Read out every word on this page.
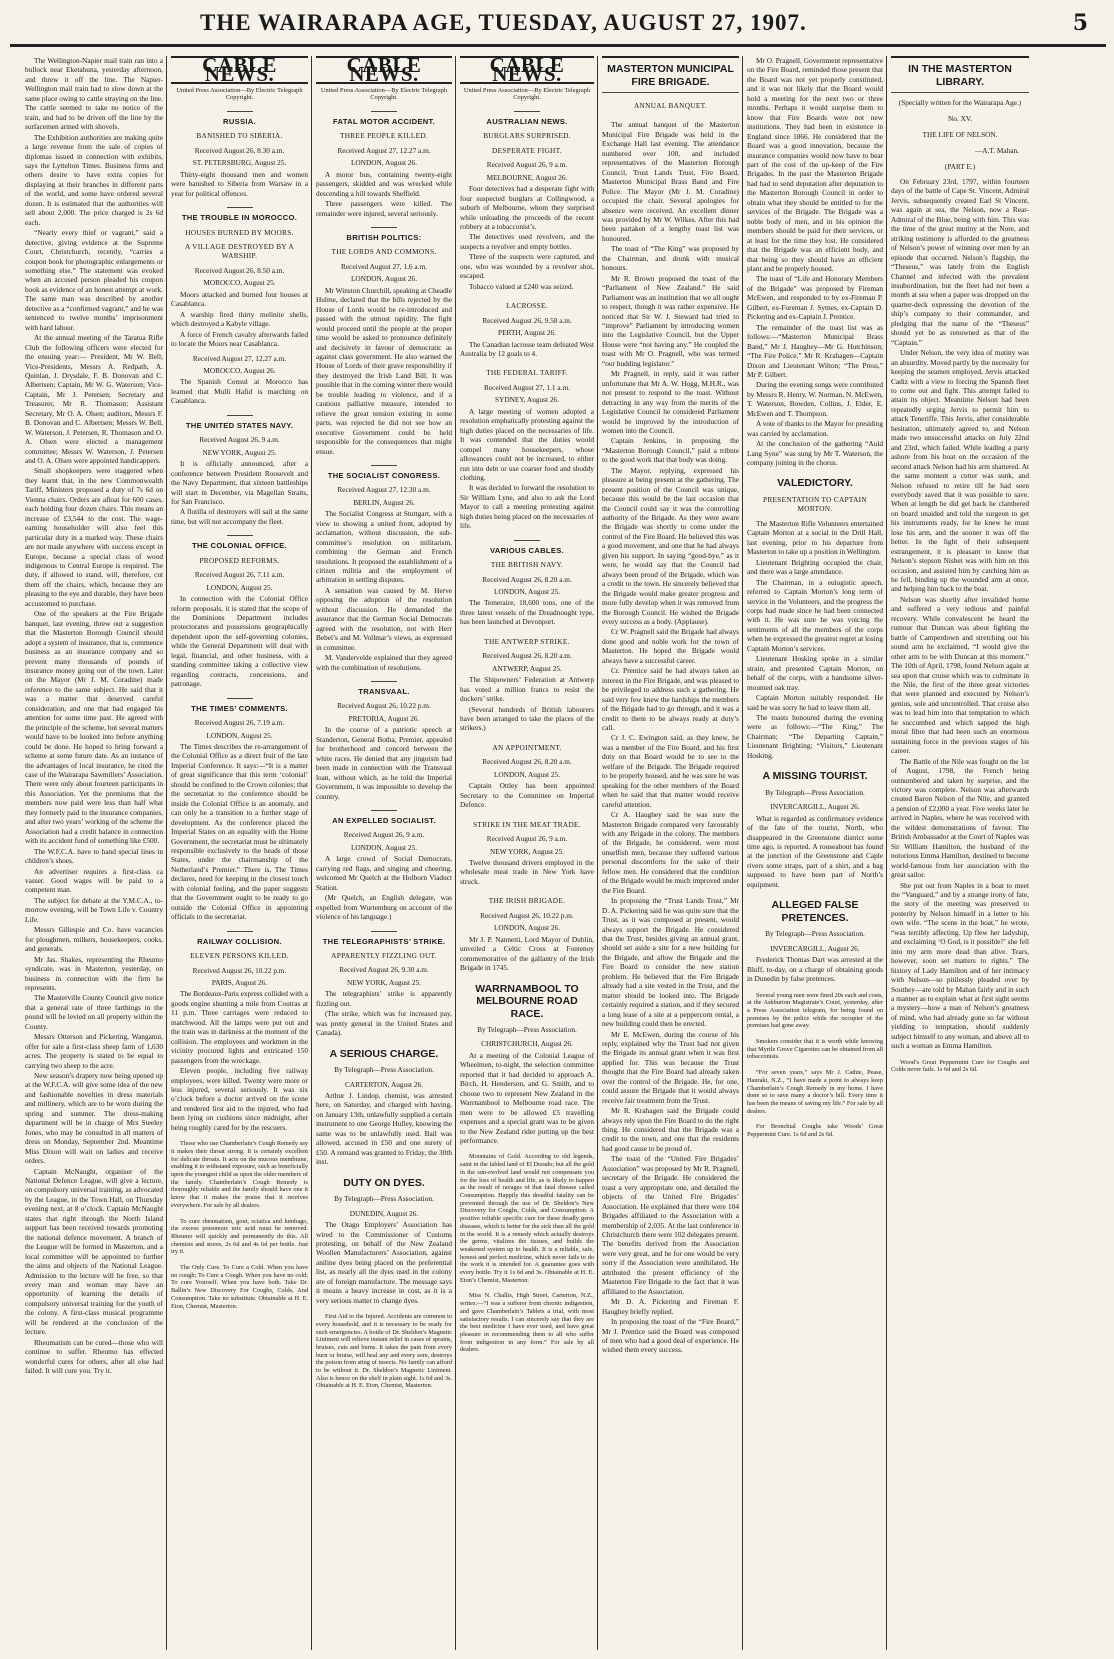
THE WAIRARAPA AGE, TUESDAY, AUGUST 27, 1907.	5

The Wellington-Napier mail train ran into a bullock near Eketahuna, yesterday afternoon, and threw it off the line. The Napier-Wellington mail train had to slow down at the same place owing to cattle straying on the line. The cattle seemed to take no notice of the train, and had to be driven off the line by the surfacemen armed with shovels.

The Exhibition authorities are making quite a large revenue from the sale of copies of diplomas issued in connection with exhibits, says the Lyttelton Times. Business firms and others desire to have extra copies for displaying at their branches in different parts of the world, and some have ordered several dozen. It is estimated that the authorities will sell about 2,000. The price charged is 2s 6d each.

“Nearly every thief or vagrant,” said a detective, giving evidence at the Supreme Court, Christchurch, recently, “carries a coupon book for photographic enlargements or something else.” The statement was evoked when an accused person pleaded his coupon book as evidence of an honest attempt at work. The same man was described by another detective as a “confirmed vagrant,” and he was sentenced to twelve months’ imprisonment with hard labour.

At the annual meeting of the Taratua Rifle Club the following officers were elected for the ensuing year:— President, Mr W. Bell; Vice-Presidents, Messrs A. Redpath, A. Quinlan, J. Drysdale, F. B. Donovan and C. Albertsen; Captain, Mr W. G. Waterson; Vice-Captain, Mr J. Petersen; Secretary and Treasurer, Mr R. Thomason; Assistant Secretary, Mr O. A. Olsen; auditors, Messrs F. B. Donovan and C. Albertsen; Messrs W. Bell, W. Waterson, J. Petersen, R. Thomason and O. A. Olsen were elected a management committee; Messrs W. Waterson, J. Petersen and O. A. Olsen were appointed handicappers.

Small shopkeepers were staggered when they learnt that, in the new Commonwealth Tariff, Ministers proposed a duty of 7s 6d on Vienna chairs. Orders are afloat for 600 cases, each holding four dozen chairs. This means an increase of £3,544 to the cost. The wage-earning householder will also feel this particular duty in a marked way. These chairs are not made anywhere with success except in Europe, because a special class of wood indigenous to Central Europe is required. The duty, if allowed to stand, will, therefore, cut them off the chairs, which, because they are pleasing to the eye and durable, they have been accustomed to purchase.

One of the speakers at the Fire Brigade banquet, last evening, threw out a suggestion that the Masterton Borough Council should adopt a system of insurance, that is, commence business as an insurance company and so prevent many thousands of pounds of insurance money going out of the town. Later on the Mayor (Mr J. M. Coradine) made reference to the same subject. He said that it was a matter that deserved careful consideration, and one that had engaged his attention for some time past. He agreed with the principle of the scheme, but several matters would have to be looked into before anything could be done. He hoped to bring forward a scheme at some future date. As an instance of the advantages of local insurance, he cited the case of the Wairarapa Sawmillers’ Association. There were only about fourteen participants in this Association. Yet the premiums that the members now paid were less than half what they formerly paid to the insurance companies, and after two years’ working of the scheme the Association had a credit balance in connection with its accident fund of something like £500.

The W.F.C.A. have to hand special lines in children’s shoes.

An advertiser requires a first-class ca vasser. Good wages will be paid to a competent man.

The subject for debate at the Y.M.C.A., to-morrow evening, will be Town Life v. Country Life.

Messrs Gillespie and Co. have vacancies for ploughmen, milkers, housekeepers, cooks, and generals.

Mr Jas. Shakes, representing the Rheumo syndicate, was in Masterton, yesterday, on business in connection with the firm he represents.

The Masterville County Council give notice that a general rate of three farthings in the pound will be levied on all property within the County.

Messrs Otterson and Pickering, Wanganui, offer for sale a first-class sheep farm of 1,630 acres. The property is stated to be equal to carrying two sheep to the acre.

New season’s drapery now being opened up at the W.F.C.A. will give some idea of the new and fashionable novelties in dress materials and millinery, which are to be worn during the spring and summer. The dress-making department will be in charge of Mrs Steeley Jones, who may be consulted in all matters of dress on Monday, September 2nd. Meantime Miss Dixon will wait on ladies and receive orders.

Captain McNaught, organiser of the National Defence League, will give a lecture, on compulsory universal training, as advocated by the League, in the Town Hall, on Thursday evening next, at 8 o’clock. Captain McNaught states that right through the North Island support has been received towards promoting the national defence movement. A branch of the League will be formed in Masterton, and a local committee will be appointed to further the aims and objects of the National League. Admission to the lecture will be free, so that every man and woman may have an opportunity of learning the details of compulsory universal training for the youth of the colony. A first-class musical programme will be rendered at the conclusion of the lecture.

Rheumatism can be cured—those who will continue to suffer. Rheumo has effected wonderful cures for others, after all else had failed. It will cure you. Try it.

CABLE NEWS.
United Press Association—By Electric Telegraph Copyright.
RUSSIA.
BANISHED TO SIBERIA.
Received August 26, 8.30 a.m.
ST. PETERSBURG, August 25.

Thirty-eight thousand men and women were banished to Siberia from Warsaw in a year for political offences.

THE TROUBLE IN MOROCCO.
HOUSES BURNED BY MOORS.
A VILLAGE DESTROYED BY A WARSHIP.
Received August 26, 8.50 a.m.
MOROCCO, August 25.

Moors attacked and burned four houses at Casablanca.

A warship fired thirty melinite shells, which destroyed a Kabyle village.

A force of French cavalry afterwards failed to locate the Moors near Casablanca.

Received August 27, 12.27 a.m.
MOROCCO, August 26.

The Spanish Consul at Morocco has learned that Mulli Hafid is marching on Casablanca.

THE UNITED STATES NAVY.
Received August 26, 9 a.m.
NEW YORK, August 25.

It is officially announced, after a conference between President Roosevelt and the Navy Department, that sixteen battleships will start in December, via Magellan Straits, for San Francisco.

A flotilla of destroyers will sail at the same time, but will not accompany the fleet.

THE COLONIAL OFFICE.
PROPOSED REFORMS.
Received August 26, 7.11 a.m.
LONDON, August 25.

In connection with the Colonial Office reform proposals, it is stated that the scope of the Dominions Department includes protectorates and possessions geographically dependent upon the self-governing colonies, while the General Department will deal with legal, financial, and other business, with a standing committee taking a collective view regarding contracts, concessions, and patronage.

THE TIMES’ COMMENTS.
Received August 26, 7.19 a.m.
LONDON, August 25.

The Times describes the re-arrangement of the Colonial Office as a direct fruit of the late Imperial Conference. It says:—“It is a matter of great significance that this term ‘colonial’ should be confined to the Crown colonies; that the secretariat to the conference should be inside the Colonial Office is an anomaly, and can only be a transition to a further stage of development. As the conference placed the Imperial States on an equality with the Home Government, the secretariat must be ultimately responsible exclusively to the heads of those States, under the chairmanship of the Netherland’s Premier.” There is, The Times declares, need for keeping in the closest touch with colonial feeling, and the paper suggests that the Government ought to be ready to go outside the Colonial Office in appointing officials to the secretariat.

RAILWAY COLLISION.
ELEVEN PERSONS KILLED.
Received August 26, 10.22 p.m.
PARIS, August 26.

The Bordeaux-Paris express collided with a goods engine shunting a mile from Coutras at 11 p.m. Three carriages were reduced to matchwood. All the lamps were put out and the train was in darkness at the moment of the collision. The employees and workmen in the vicinity procured lights and extricated 150 passengers from the wreckage.

Eleven people, including five railway employees, were killed. Twenty were more or less injured, several seriously. It was six o’clock before a doctor arrived on the scene and rendered first aid to the injured, who had been lying on cushions since midnight, after being roughly cared for by the rescuers.

Those who use Chamberlain’s Cough Remedy say it makes their throat strong. It is certainly excellent for delicate throats. It acts on the mucous membrane, enabling it to withstand exposure, such as beneficially upon the youngest child as upon the older members of the family. Chamberlain’s Cough Remedy is thoroughly reliable and the family should have one it know that it makes the praise that it receives everywhere. For sale by all dealers.

To cure rheumatism, gout, sciatica and lumbago, the excess poisonous uric acid must be removed. Rheumo will quickly and permanently do this. All chemists and stores, 2s 6d and 4s 6d per bottle. Just try it.

The Only Cure. To Cure a Cold. When you have no cough; To Cure a Cough. When you have no cold; To cure Yourself. When you have both. Take Dr. Ballin’s New Discovery For Coughs, Colds, And Consumption. Take no substitute. Obtainable at H. E. Eton, Chemist, Masterton.

CABLE NEWS.
United Press Association—By Electric Telegraph Copyright.
FATAL MOTOR ACCIDENT.
THREE PEOPLE KILLED.
Received August 27, 12.27 a.m.
LONDON, August 26.

A motor bus, containing twenty-eight passengers, skidded and was wrecked while descending a hill towards Sheffield.

Three passengers were killed. The remainder were injured, several seriously.

BRITISH POLITICS:
THE LORDS AND COMMONS.
Received August 27, 1.6 a.m.
LONDON, August 26.

Mr Winston Churchill, speaking at Cheadle Hulme, declared that the bills rejected by the House of Lords would be re-introduced and passed with the utmost rapidity. The fight would proceed until the people at the proper time would be asked to pronounce definitely and decisively in favour of democratic as against class government. He also warned the House of Lords of their grave responsibility if they destroyed the Irish Land Bill. It was possible that in the coming winter there would be trouble leading to violence, and if a cautious palliative measure, intended to relieve the great tension existing in some parts, was rejected he did not see how an executive Government could be held responsible for the consequences that might ensue.

THE SOCIALIST CONGRESS.
Received August 27, 12.30 a.m.
BERLIN, August 26.

The Socialist Congress at Stuttgart, with a view to showing a united front, adopted by acclamation, without discussion, the sub-committee’s resolution on militarism, combining the German and French resolutions. It proposed the establishment of a citizen militia and the employment of arbitration in settling disputes.

A sensation was caused by M. Herve opposing the adoption of the resolution without discussion. He demanded the assurance that the German Social Democrats agreed with the resolution, not with Herr Bebel’s and M. Vollmar’s views, as expressed in committee.

M. Vandervelde explained that they agreed with the combination of resolutions.

TRANSVAAL.
Received August 26, 10.22 p.m.
PRETORIA, August 26.

In the course of a patriotic speech at Standerton, General Botha, Premier, appealed for brotherhood and concord between the white races. He denied that any jingoism had been made in connection with the Transvaal loan, without which, as he told the Imperial Government, it was impossible to develop the country.

AN EXPELLED SOCIALIST.
Received August 26, 9 a.m.
LONDON, August 25.

A large crowd of Social Democrats, carrying red flags, and singing and cheering, welcomed Mr Quelch at the Holborn Viaduct Station.

(Mr Quelch, an English delegate, was expelled from Wurtemburg on account of the violence of his language.)

THE TELEGRAPHISTS’ STRIKE.
APPARENTLY FIZZLING OUT.
Received August 26, 9.30 a.m.
NEW YORK, August 25.

The telegraphists’ strike is apparently fizzling out.

(The strike, which was for increased pay, was pretty general in the United States and Canada).

A SERIOUS CHARGE.
By Telegraph—Press Association.
CARTERTON, August 26.

Arthur J. Lindop, chemist, was arrested here, on Saturday, and charged with having, on January 13th, unlawfully supplied a certain instrument to one George Hulley, knowing the same was to be unlawfully used. Bail was allowed, accused in £50 and one surety of £50. A remand was granted to Friday, the 30th inst.

DUTY ON DYES.
By Telegraph—Press Association.
DUNEDIN, August 26.

The Otago Employers’ Association has wired to the Commissioner of Customs protesting, on behalf of the New Zealand Woollen Manufacturers’ Association, against aniline dyes being placed on the preferential list, as nearly all the dyes used in the colony are of foreign manufacture. The message says it means a heavy increase in cost, as it is a very serious matter to change dyes.

First Aid to the Injured. Accidents are common to every household, and it is necessary to be ready for such emergencies. A bottle of Dr. Sheldon’s Magnetic Liniment will relieve instant relief in cases of sprains, bruises, cuts and burns. It takes the pain from every burn or bruise, will heal any and every sore, destroys the poison from sting of insects. No family can afford to be without it. Dr. Sheldon’s Magnetic Liniment. Also is hence on the shelf in plain sight. 1s 6d and 3s. Obtainable at H. E. Eton, Chemist, Masterton.

CABLE NEWS.
United Press Association—By Electric Telegraph Copyright.
AUSTRALIAN NEWS.
BURGLARS SURPRISED.
DESPERATE FIGHT.
Received August 26, 9 a.m.
MELBOURNE, August 26.

Four detectives had a desperate fight with four suspected burglars at Collingwood, a suburb of Melbourne, whom they surprised while unloading the proceeds of the recent robbery at a tobacconist’s.

The detectives used revolvers, and the suspects a revolver and empty bottles.

Three of the suspects were captured, and one, who was wounded by a revolver shot, escaped.

Tobacco valued at £240 was seized.

LACROSSE.
Received August 26, 9.58 a.m.
PERTH, August 26.

The Canadian lacrosse team defeated West Australia by 12 goals to 4.

THE FEDERAL TARIFF.
Received August 27, 1.1 a.m.
SYDNEY, August 26.

A large meeting of women adopted a resolution emphatically protesting against the high duties placed on the necessaries of life. It was contended that the duties would compel many housekeepers, whose allowances could not be increased, to either run into debt or use coarser food and shoddy clothing.

It was decided to forward the resolution to Sir William Lyne, and also to ask the Lord Mayor to call a meeting protesting against high duties being placed on the necessaries of life.

VARIOUS CABLES.
THE BRITISH NAVY.
Received August 26, 8.20 a.m.
LONDON, August 25.

The Temeraire, 18,600 tons, one of the three latest vessels of the Dreadnought type, has been launched at Devonport.

THE ANTWERP STRIKE.
Received August 26, 8.20 a.m.
ANTWERP, August 25.

The Shipowners’ Federation at Antwerp has voted a million francs to resist the dockers’ strike.

(Several hundreds of British labourers have been arranged to take the places of the strikers.)

AN APPOINTMENT.
Received August 26, 8.20 a.m.
LONDON, August 25.

Captain Ottley has been appointed Secretary to the Committee on Imperial Defence.

STRIKE IN THE MEAT TRADE.
Received August 26, 9 a.m.
NEW YORK, August 25.

Twelve thousand drivers employed in the wholesale meat trade in New York have struck.

THE IRISH BRIGADE.
Received August 26, 10.22 p.m.
LONDON, August 26.

Mr J. P. Nannetti, Lord Mayor of Dublin, unveiled a Celtic Cross at Fontenoy commemorative of the gallantry of the Irish Brigade in 1745.

WARRNAMBOOL TO MELBOURNE ROAD RACE.
By Telegraph—Press Association.
CHRISTCHURCH, August 26.

At a meeting of the Colonial League of Wheelmen, to-night, the selection committee reported that it had decided to approach A. Birch, H. Henderson, and G. Smith, and to choose two to represent New Zealand in the Warrnambool to Melbourne road race. The men were to be allowed £5 travelling expenses and a special grant was to be given to the New Zealand rider putting up the best performance.

Mountains of Gold. According to old legends, saint in the fabled land of El Dorado; but all the gold in the sun-evolved land would not compensate you for the loss of health and life, as is likely to happen as the result of ravages of that fatal disease called Consumption. Happily this dreadful fatality can be prevented through the use of Dr. Sheldon’s New Discovery for Coughs, Colds, and Consumption. A positive reliable specific cure for these deadly germ diseases, which is better for the sick than all the gold in the world. It is a remedy which actually destroys the germs, vitalizes the tissues, and builds the weakened system up to health. It is a reliable, safe, honest and perfect medicine, which never fails to do the work it is intended for. A guarantee goes with every bottle. Try it 1s 6d and 3s. Obtainable at H. E. Eton’s Chemist, Masterton.

Miss N. Challis, High Street, Carterton, N.Z., writes:—“I was a sufferer from chronic indigestion, and gave Chamberlain’s Tablets a trial, with most satisfactory results. I can sincerely say that they are the best medicine I have ever used, and have great pleasure in recommending them to all who suffer from indigestion in any form.” For sale by all dealers.

MASTERTON MUNICIPAL FIRE BRIGADE.
ANNUAL BANQUET.

The annual banquet of the Masterton Municipal Fire Brigade was held in the Exchange Hall last evening. The attendance numbered over 100, and included representatives of the Masterton Borough Council, Trust Lands Trust, Fire Board, Masterton Municipal Brass Band and Fire Police. The Mayor (Mr J. M. Coradine) occupied the chair. Several apologies for absence were received. An excellent dinner was provided by Mr W. Wilkes. After this had been partaken of a lengthy toast list was honoured.

The toast of “The King” was proposed by the Chairman, and drunk with musical honours.

Mr R. Brown proposed the toast of the “Parliament of New Zealand.” He said Parliament was an institution that we all ought to respect, though it was rather expensive. He noticed that Sir W. J. Steward had tried to “improve” Parliament by introducing women into the Legislative Council, but the Upper House were “not having any.” He coupled the toast with Mr O. Pragnell, who was termed “our budding legislator.”

Mr Pragnell, in reply, said it was rather unfortunate that Mr A. W. Hogg, M.H.R., was not present to respond to the toast. Without detracting in any way from the merits of the Legislative Council he considered Parliament would be improved by the introduction of women into the Council.

Captain Jenkins, in proposing the “Masterton Borough Council,” paid a tribute to the good work that that body was doing.

The Mayor, replying, expressed his pleasure at being present at the gathering. The present position of the Council was unique, because this would be the last occasion that the Council could say it was the controlling authority of the Brigade. As they were aware the Brigade was shortly to come under the control of the Fire Board. He believed this was a good movement, and one that he had always given his support. In saying “good-bye,” as it were, he would say that the Council had always been proud of the Brigade, which was a credit to the town. He sincerely believed that the Brigade would make greater progress and more fully develop when it was removed from the Borough Council. He wished the Brigade every success as a body. (Applause).

Cr W. Pragnell said the Brigade had always done good and noble work for the town of Masterton. He hoped the Brigade would always have a successful career.

Cr. Prentice said he had always taken an interest in the Fire Brigade, and was pleased to be privileged to address such a gathering. He said very few knew the hardships the members of the Brigade had to go through, and it was a credit to them to be always ready at duty’s call.

Cr J. C. Ewington said, as they knew, he was a member of the Fire Board, and his first duty on that Board would be to see to the welfare of the Brigade. The Brigade required to be properly housed, and he was sure he was speaking for the other members of the Board when he said that that matter would receive careful attention.

Cr A. Haughey said he was sure the Masterton Brigade compared very favourably with any Brigade in the colony. The members of the Brigade, he considered, were most unselfish men, because they suffered various personal discomforts for the sake of their fellow men. He considered that the condition of the Brigade would be much improved under the Fire Board.

In proposing the “Trust Lands Trust,” Mr D. A. Pickering said he was quite sure that the Trust, as it was composed at present, would always support the Brigade. He considered that the Trust, besides giving an annual grant, should set aside a site for a new building for the Brigade, and allow the Brigade and the Fire Board to consider the new station problem. He believed that the Fire Brigade already had a site vested in the Trust, and the matter should be looked into. The Brigade certainly required a station, and if they secured a long lease of a site at a peppercorn rental, a new building could then be erected.

Mr E. McEwen, during the course of his reply, explained why the Trust had not given the Brigade its annual grant when it was first applied for. This was because the Trust thought that the Fire Board had already taken over the control of the Brigade. He, for one, could assure the Brigade that it would always receive fair treatment from the Trust.

Mr R. Krahagen said the Brigade could always rely upon the Fire Board to do the right thing. He considered that the Brigade was a credit to the town, and one that the residents had good cause to be proud of.

The toast of the “United Fire Brigades’ Association” was proposed by Mr R. Pragnell, secretary of the Brigade. He considered the toast a very appropriate one, and detailed the objects of the United Fire Brigades’ Association. He explained that there were 104 Brigades affiliated to the Association with a membership of 2,035. At the last conference in Christchurch there were 102 delegates present. The benefits derived from the Association were very great, and he for one would be very sorry if the Association were annihilated. He attributed the present efficiency of the Masterton Fire Brigade to the fact that it was affiliated to the Association.

Mr D. A. Pickering and Fireman F. Haughey briefly replied.

In proposing the toast of the “Fire Board,” Mr J. Prentice said the Board was composed of men who had a good deal of experience. He wished them every success.

Mr O. Pragnell, Government representative on the Fire Board, reminded those present that the Board was not yet properly constituted, and it was not likely that the Board would hold a meeting for the next two or three months. Perhaps it would surprise them to know that Fire Boards were not new institutions. They had been in existence in England since 1866. He considered that the Board was a good innovation, because the insurance companies would now have to bear part of the cost of the up-keep of the Fire Brigades. In the past the Masterton Brigade had had to send deputation after deputation to the Masterton Borough Council in order to obtain what they should be entitled to for the services of the Brigade. The Brigade was a noble body of men, and in his opinion the members should be paid for their services, or at least for the time they lost. He considered that the Brigade was an efficient body, and that being so they should have an efficient plant and be properly housed.

The toast of “Life and Honorary Members of the Brigade” was proposed by Fireman McEwen, and responded to by ex-Fireman P. Gilbert, ex-Foreman J. Symes, ex-Captain D. Pickering and ex-Captain J. Prentice.

The remainder of the toast list was as follows:—“Masterton Municipal Brass Band,” Mr J. Haughey—Mr G. Hutchinson; “The Fire Police,” Mr R. Krahagen—Captain Dixon and Lieutenant Wilton; “The Press,” Mr P. Gilbert.

During the evening songs were contributed by Messrs R. Henry, W. Norman, N. McEwen, T. Waterson, Bowden, Collins, J. Elder, E. McEwen and T. Thompson.

A vote of thanks to the Mayor for presiding was carried by acclamation.

At the conclusion of the gathering “Auld Lang Syne” was sung by Mr T. Waterson, the company joining in the chorus.

VALEDICTORY.
PRESENTATION TO CAPTAIN MORTON.

The Masterton Rifle Volunteers entertained Captain Morton at a social in the Drill Hall, last evening, prior to his departure from Masterton to take up a position in Wellington.

Lieutenant Brighting occupied the chair, and there was a large attendance.

The Chairman, in a eulogistic speech, referred to Captain Morton’s long term of service in the Volunteers, and the progress the corps had made since he had been connected with it. He was sure he was voicing the sentiments of all the members of the corps when he expressed the greatest regret at losing Captain Morton’s services.

Lieutenant Hosking spoke in a similar strain, and presented Captain Morton, on behalf of the corps, with a handsome silver-mounted oak tray.

Captain Morton suitably responded. He said he was sorry he had to leave them all.

The toasts honoured during the evening were as follows:—“The King,” The Chairman; “The Departing Captain,” Lieutenant Brighting; “Visitors,” Lieutenant Hosking.

A MISSING TOURIST.
By Telegraph—Press Association.
INVERCARGILL, August 26.

What is regarded as confirmatory evidence of the fate of the tourist, North, who disappeared in the Greenstone district some time ago, is reported. A rouseabout has found at the junction of the Greenstone and Caple rivers some straps, part of a shirt, and a bag supposed to have been part of North’s equipment.

ALLEGED FALSE PRETENCES.
By Telegraph—Press Association.
INVERCARGILL, August 26.

Frederick Thomas Dart was arrested at the Bluff, to-day, on a charge of obtaining goods in Dunedin by false pretences.

Several young men were fined 20s each and costs, at the Ashburton Magistrate’s Court, yesterday, after a Press Association telegram, for being found on premises by the police while the occupier of the premises had gone away.

Smokers consider that it is worth while knowing that Myrtle Grove Cigarettes can be obtained from all tobacconists.

“For seven years,” says Mr J. Cathie, Pease, Hauraki, N.Z., “I have made a point to always keep Chamberlain’s Cough Remedy in my home. I have done so to save many a doctor’s bill. Every time it has been the means of saving my life.” For sale by all dealers.

For Bronchial Coughs take Woods’ Great Peppermint Cure. 1s 6d and 2s 6d.

IN THE MASTERTON LIBRARY.
(Specially written for the Wairarapa Age.)
No. XV.
THE LIFE OF NELSON.
—A.T. Mahan.
(PART E.)

On February 23rd, 1797, within fourteen days of the battle of Cape St. Vincent, Admiral Jervis, subsequently created Earl St Vincent, was again at sea, the Nelson, now a Rear-Admiral of the Blue, being with him. This was the time of the great mutiny at the Nore, and striking testimony is afforded to the greatness of Nelson’s power of winning over men by an episode that occurred. Nelson’s flagship, the “Theseus,” was lately from the English Channel and infected with the prevalent insubordination, but the fleet had not been a month at sea when a paper was dropped on the quarter-deck expressing the devotion of the ship’s company to their commander, and pledging that the name of the “Theseus” should yet be as renowned as that of the “Captain.”

Under Nelson, the very idea of mutiny was an absurdity. Moved partly by the necessity for keeping the seamen employed, Jervis attacked Cadiz with a view to forcing the Spanish fleet to come out and fight. This attempt failed to attain its object. Meantime Nelson had been repeatedly urging Jervis to permit him to attack Teneriffe. This Jervis, after considerable hesitation, ultimately agreed to, and Nelson made two unsuccessful attacks on July 22nd and 23rd, which failed. While leading a party ashore from his boat on the occasion of the second attack Nelson had his arm shattered. At the same moment a cutter was sunk, and Nelson refused to retire till he had seen everybody saved that it was possible to save. When at length he did get back he clambered on board unaided and told the surgeon to get his instruments ready, for he knew he must lose his arm, and the sooner it was off the better. In the light of their subsequent estrangement, it is pleasant to know that Nelson’s stepson Nisbet was with him on this occasion, and assisted him by catching him as he fell, binding up the wounded arm at once, and helping him back to the boat.

Nelson was shortly after invalided home and suffered a very tedious and painful recovery. While convalescent he heard the rumour that Duncan was about fighting the battle of Camperdown and stretching out his sound arm he exclaimed, “I would give the other arm to be with Duncan at this moment.” The 10th of April, 1798, found Nelson again at sea upon that cruise which was to culminate in the Nile, the first of the three great victories that were planned and executed by Nelson’s genius, sole and uncontrolled. That cruise also was to lead him into that temptation to which he succumbed and which sapped the high moral fibre that had been such an enormous sustaining force in the previous stages of his career.

The Battle of the Nile was fought on the 1st of August, 1798, the French being outnumbered and taken by surprise, and the victory was complete. Nelson was afterwards created Baron Nelson of the Nile, and granted a pension of £2,000 a year. Five weeks later he arrived in Naples, where he was received with the wildest demonstrations of favour. The British Ambassador at the Court of Naples was Sir William Hamilton, the husband of the notorious Emma Hamilton, destined to become world-famous from her association with the great sailor.

She put out from Naples in a boat to meet the “Vanguard,” and by a strange irony of fate, the story of the meeting was preserved to posterity by Nelson himself in a letter to his own wife. “The scene in the boat,” he wrote, “was terribly affecting. Up flew her ladyship, and exclaiming ‘O God, is it possible?’ she fell into my arm more dead than alive. Tears, however, soon set matters to rights.” The history of Lady Hamilton and of her intimacy with Nelson—so pitilessly pleaded over by Southey—are told by Mahan fairly and in such a manner as to explain what at first sight seems a mystery—how a man of Nelson’s greatness of mind, who had already gone so far without yielding to temptation, should suddenly subject himself to any woman, and above all to such a woman as Emma Hamilton.

Wood’s Great Peppermint Cure for Coughs and Colds never fails. 1s 6d and 2s 6d.
